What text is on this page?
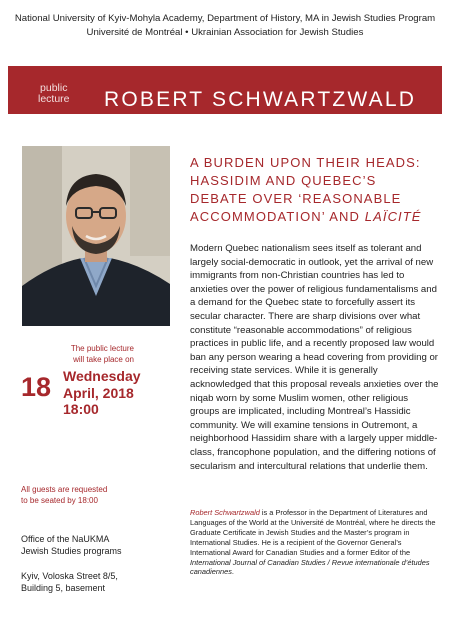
National University of Kyiv-Mohyla Academy, Department of History, MA in Jewish Studies Program
Université de Montréal • Ukrainian Association for Jewish Studies
public
lecture ROBERT SCHWARTZWALD
A BURDEN UPON THEIR HEADS:
HASSIDIM AND QUEBEC’S
DEBATE OVER ‘REASONABLE
ACCOMMODATION’ AND LAÏCITÉ
Modern Quebec nationalism sees itself as tolerant and largely social-democratic in outlook, yet the arrival of new immigrants from non-Christian countries has led to anxieties over the power of religious fundamentalisms and a demand for the Quebec state to forcefully assert its secular character. There are sharp divisions over what constitute “reasonable accommodations” of religious practices in public life, and a recently proposed law would ban any person wearing a head covering from providing or receiving state services. While it is generally acknowledged that this proposal reveals anxieties over the niqab worn by some Muslim women, other religious groups are implicated, including Montreal’s Hassidic community. We will examine tensions in Outremont, a neighborhood Hassidim share with a largely upper middle-class, francophone population, and the differing notions of secularism and intercultural relations that underlie them.
The public lecture
will take place on
18 Wednesday
April, 2018
18:00
All guests are requested
to be seated by 18:00
Office of the NaUKMA
Jewish Studies programs
Kyiv, Voloska Street 8/5,
Building 5, basement
Robert Schwartzwald is a Professor in the Department of Literatures and Languages of the World at the Université de Montréal, where he directs the Graduate Certificate in Jewish Studies and the Master’s program in International Studies. He is a recipient of the Governor General’s International Award for Canadian Studies and a former Editor of the International Journal of Canadian Studies / Revue internationale d’études canadiennes.
